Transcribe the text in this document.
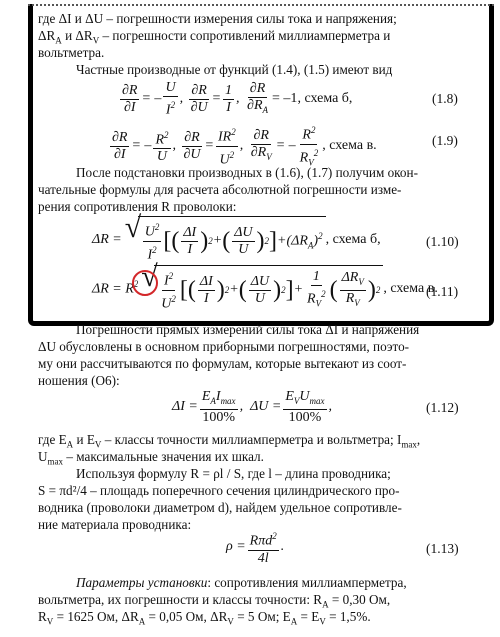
где ΔI и ΔU – погрешности измерения силы тока и напряжения;
$\Delta R_A$ и $\Delta R_V$ – погрешности сопротивлений миллиамперметра и
вольтметра.
Частные производные от функций (1.4), (1.5) имеют вид
$\frac{\partial R}{\partial I}$ = – $\frac{U}{I^2}$ , $\frac{\partial R}{\partial U} = \frac{1}{I}$ , $\frac{\partial R}{\partial R_A} = -1$ , схема б,	(1.8)
$\frac{\partial R}{\partial I}$ = – $\frac{R^2}{U}$ , $\frac{\partial R}{\partial U} = \frac{IR^2}{U^2}$ , $\frac{\partial R}{\partial R_V}$ = – $\frac{R^2}{R_V^2}$ , схема в.	(1.9)
После подстановки производных в (1.6), (1.7) получим окон-
чательные формулы для расчета абсолютной погрешности изме-
рения сопротивления R проволоки:
ΔR = √ $\frac{U^2}{I^2}$ [ ( $\frac{\Delta I}{I}$ ) 2 + ( $\frac{\Delta U}{U}$ ) 2 ] $+(\Delta R_A)^2$ , схема б,	(1.10)
$\Delta R = R^2$ √ $\frac{I^2}{U^2}$ [ ( $\frac{\Delta I}{I}$ ) 2 + ( $\frac{\Delta U}{U}$ ) 2 ] + $\frac{1}{R_V^2}$ ( $\frac{\Delta R_V}{R_V}$ ) 2 , схема в.
(1.11)
Погрешности прямых измерений силы тока ΔI и напряжения
ΔU обусловлены в основном приборными погрешностями, поэто-
му они рассчитываются по формулам, которые вытекают из соот-
ношения (О6):
$\Delta I = \frac{E_AI_{max}}{100\%}$ ,  $\Delta U = \frac{E_VU_{max}}{100\%}$ ,	(1.12)
где $E_A$ и $E_V$ – классы точности миллиамперметра и вольтметра; $I_{max}$,
$U_{max}$ – максимальные значения их шкал.
Используя формулу R = ρl / S, где l – длина проводника;
S = πd²/4 – площадь поперечного сечения цилиндрического про-
водника (проволоки диаметром d), найдем удельное сопротивле-
ние материала проводника:
$\rho = \frac{R\pi d^2}{4l}$ .	(1.13)
Параметры установки: сопротивления миллиамперметра,
вольтметра, их погрешности и классы точности: $R_A = 0,30$ Ом,
$R_V = 1625$ Ом, $\Delta R_A = 0,05$ Ом, $\Delta R_V = 5$ Ом; $E_A = E_V = 1,5\%$.
